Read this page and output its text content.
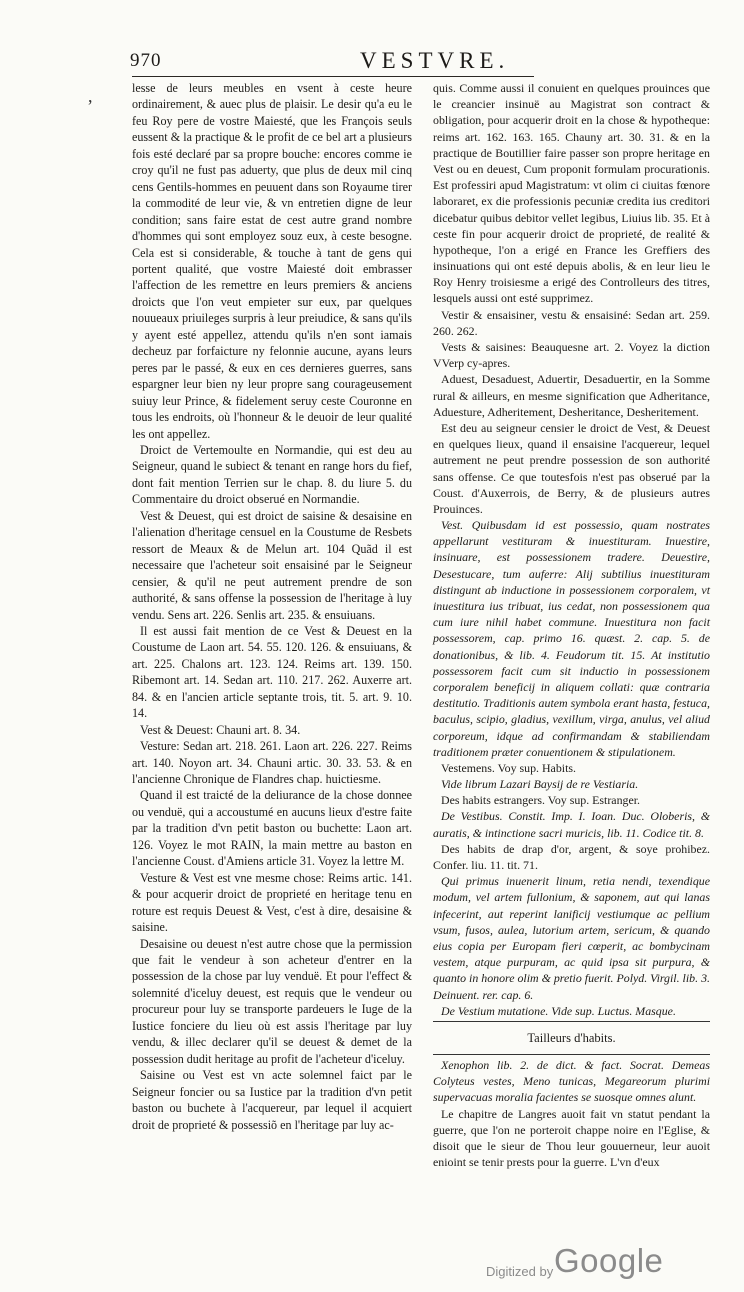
970	VESTVRE.
,	lesse de leurs meubles en vsent à ceste heure ordinairement, & auec plus de plaisir. Le desir qu'a eu le feu Roy pere de vostre Maiesté, que les François seuls eussent & la practique & le profit de ce bel art a plusieurs fois esté declaré par sa propre bouche: encores comme ie croy qu'il ne fust pas aduerty, que plus de deux mil cinq cens Gentils-hommes en peuuent dans son Royaume tirer la commodité de leur vie, & vn entretien digne de leur condition; sans faire estat de cest autre grand nombre d'hommes qui sont employez souz eux, à ceste besogne. Cela est si considerable, & touche à tant de gens qui portent qualité, que vostre Maiesté doit embrasser l'affection de les remettre en leurs premiers & anciens droicts que l'on veut empieter sur eux, par quelques nouueaux priuileges surpris à leur preiudice, & sans qu'ils y ayent esté appellez, attendu qu'ils n'en sont iamais decheuz par forfaicture ny felonnie aucune, ayans leurs peres par le passé, & eux en ces dernieres guerres, sans espargner leur bien ny leur propre sang courageusement suiuy leur Prince, & fidelement seruy ceste Couronne en tous les endroits, où l'honneur & le deuoir de leur qualité les ont appellez.

Droict de Vertemoulte en Normandie, qui est deu au Seigneur, quand le subiect & tenant en range hors du fief, dont fait mention Terrien sur le chap. 8. du liure 5. du Commentaire du droict obserué en Normandie.

Vest & Deuest, qui est droict de saisine & desaisine en l'alienation d'heritage censuel en la Coustume de Resbets ressort de Meaux & de Melun art. 104 Quãd il est necessaire que l'acheteur soit ensaisiné par le Seigneur censier, & qu'il ne peut autrement prendre de son authorité, & sans offense la possession de l'heritage à luy vendu. Sens art. 226. Senlis art. 235. & ensuiuans.

Il est aussi fait mention de ce Vest & Deuest en la Coustume de Laon art. 54. 55. 120. 126. & ensuiuans, & art. 225. Chalons art. 123. 124. Reims art. 139. 150. Ribemont art. 14. Sedan art. 110. 217. 262. Auxerre art. 84. & en l'ancien article septante trois, tit. 5. art. 9. 10. 14.

Vest & Deuest: Chauni art. 8. 34.

Vesture: Sedan art. 218. 261. Laon art. 226. 227. Reims art. 140. Noyon art. 34. Chauni artic. 30. 33. 53. & en l'ancienne Chronique de Flandres chap. huictiesme.

Quand il est traicté de la deliurance de la chose donnee ou venduë, qui a accoustumé en aucuns lieux d'estre faite par la tradition d'vn petit baston ou buchette: Laon art. 126. Voyez le mot RAIN, la main mettre au baston en l'ancienne Coust. d'Amiens article 31. Voyez la lettre M.

Vesture & Vest est vne mesme chose: Reims artic. 141. & pour acquerir droict de proprieté en heritage tenu en roture est requis Deuest & Vest, c'est à dire, desaisine & saisine.

Desaisine ou deuest n'est autre chose que la permission que fait le vendeur à son acheteur d'entrer en la possession de la chose par luy venduë. Et pour l'effect & solemnité d'iceluy deuest, est requis que le vendeur ou procureur pour luy se transporte pardeuers le Iuge de la Iustice fonciere du lieu où est assis l'heritage par luy vendu, & illec declarer qu'il se deuest & demet de la possession dudit heritage au profit de l'acheteur d'iceluy.

Saisine ou Vest est vn acte solemnel faict par le Seigneur foncier ou sa Iustice par la tradition d'vn petit baston ou buchete à l'acquereur, par lequel il acquiert droit de proprieté & possessiõ en l'heritage par luy ac-

quis. Comme aussi il conuient en quelques prouinces que le creancier insinuë au Magistrat son contract & obligation, pour acquerir droit en la chose & hypotheque: reims art. 162. 163. 165. Chauny art. 30. 31. & en la practique de Boutillier faire passer son propre heritage en Vest ou en deuest, Cum proponit formulam procurationis. Est professiri apud Magistratum: vt olim ci ciuitas fœnore laboraret, ex die professionis pecuniæ credita ius creditori dicebatur quibus debitor vellet legibus, Liuius lib. 35. Et à ceste fin pour acquerir droict de proprieté, de realité & hypotheque, l'on a erigé en France les Greffiers des insinuations qui ont esté depuis abolis, & en leur lieu le Roy Henry troisiesme a erigé des Controlleurs des titres, lesquels aussi ont esté supprimez.

Vestir & ensaisiner, vestu & ensaisiné: Sedan art. 259. 260. 262.

Vests & saisines: Beauquesne art. 2. Voyez la diction VVerp cy-apres.

Aduest, Desaduest, Aduertir, Desaduertir, en la Somme rural & ailleurs, en mesme signification que Adheritance, Aduesture, Adheritement, Desheritance, Desheritement.

Est deu au seigneur censier le droict de Vest, & Deuest en quelques lieux, quand il ensaisine l'acquereur, lequel autrement ne peut prendre possession de son authorité sans offense. Ce que toutesfois n'est pas obserué par la Coust. d'Auxerrois, de Berry, & de plusieurs autres Prouinces.

Vest. Quibusdam id est possessio, quam nostrates appellarunt vestituram & inuestituram. Inuestire, insinuare, est possessionem tradere. Deuestire, Desestucare, tum auferre: Alij subtilius inuestituram distingunt ab inductione in possessionem corporalem, vt inuestitura ius tribuat, ius cedat, non possessionem qua cum iure nihil habet commune. Inuestitura non facit possessorem, cap. primo 16. quæst. 2. cap. 5. de donationibus, & lib. 4. Feudorum tit. 15. At institutio possessorem facit cum sit inductio in possessionem corporalem beneficij in aliquem collati: quæ contraria destitutio. Traditionis autem symbola erant hasta, festuca, baculus, scipio, gladius, vexillum, virga, anulus, vel aliud corporeum, idque ad confirmandam & stabiliendam traditionem præter conuentionem & stipulationem.

Vestemens. Voy sup. Habits.

Vide librum Lazari Baysij de re Vestiaria.

Des habits estrangers. Voy sup. Estranger.

De Vestibus. Constit. Imp. I. Ioan. Duc. Oloberis, & auratis, & intinctione sacri muricis, lib. 11. Codice tit. 8.

Des habits de drap d'or, argent, & soye prohibez. Confer. liu. 11. tit. 71.

Qui primus inuenerit linum, retia nendi, texendique modum, vel artem fullonium, & saponem, aut qui lanas infecerint, aut reperint lanificij vestiumque ac pellium vsum, fusos, aulea, lutorium artem, sericum, & quando eius copia per Europam fieri cœperit, ac bombycinam vestem, atque purpuram, ac quid ipsa sit purpura, & quanto in honore olim & pretio fuerit. Polyd. Virgil. lib. 3. Deinuent. rer. cap. 6.

De Vestium mutatione. Vide sup. Luctus. Masque.

Tailleurs d'habits.

Xenophon lib. 2. de dict. & fact. Socrat. Demeas Colyteus vestes, Meno tunicas, Megareorum plurimi supervacuas moralia facientes se suosque omnes alunt.

Le chapitre de Langres auoit fait vn statut pendant la guerre, que l'on ne porteroit chappe noire en l'Eglise, & disoit que le sieur de Thou leur gouuerneur, leur auoit enioint se tenir prests pour la guerre. L'vn d'eux

Digitized by Google
